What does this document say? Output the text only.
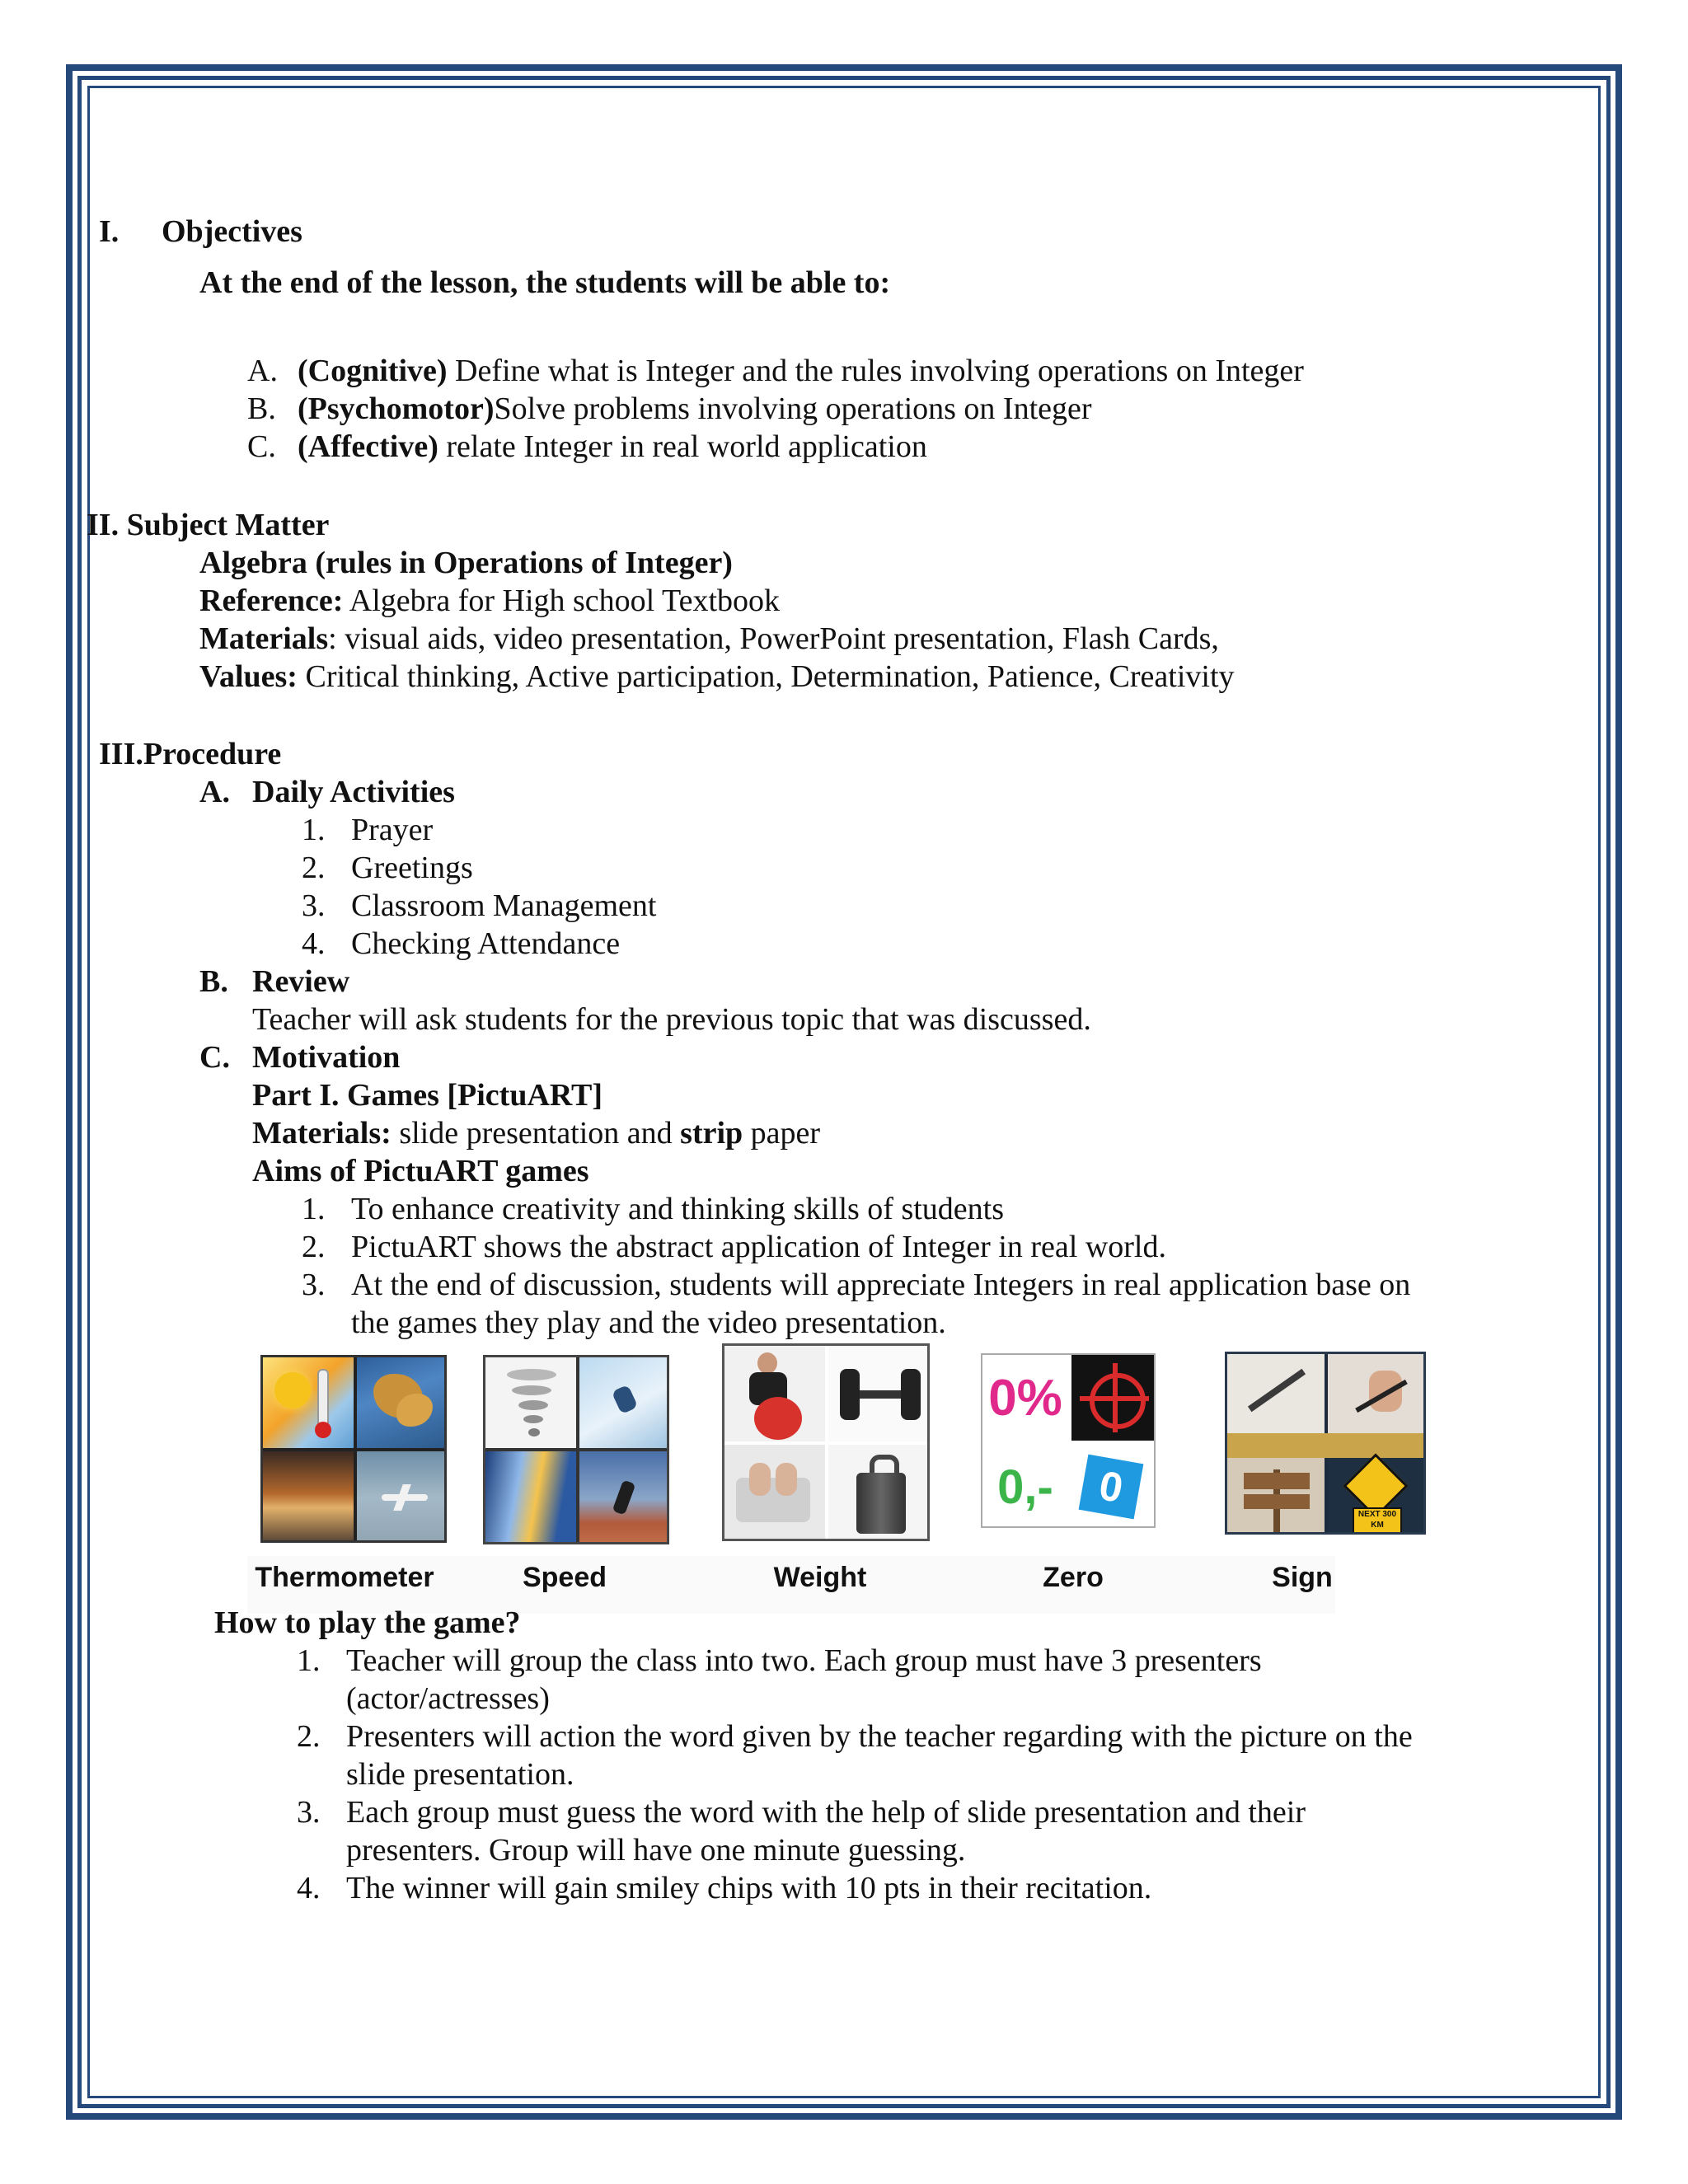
I. Objectives
At the end of the lesson, the students will be able to:
A. (Cognitive) Define what is Integer and the rules involving operations on Integer
B. (Psychomotor)Solve problems involving operations on Integer
C. (Affective) relate Integer in real world application
II. Subject Matter
Algebra (rules in Operations of Integer)
Reference: Algebra for High school Textbook
Materials: visual aids, video presentation, PowerPoint presentation, Flash Cards,
Values: Critical thinking, Active participation, Determination, Patience, Creativity
III.Procedure
A. Daily Activities
1. Prayer
2. Greetings
3. Classroom Management
4. Checking Attendance
B. Review
Teacher will ask students for the previous topic that was discussed.
C. Motivation
Part I. Games [PictuART]
Materials: slide presentation and strip paper
Aims of PictuART games
1. To enhance creativity and thinking skills of students
2. PictuART shows the abstract application of Integer in real world.
3. At the end of discussion, students will appreciate Integers in real application base on
the games they play and the video presentation.
0%
0,- 0
NEXT 300 KM
Thermometer	Speed	Weight	Zero	Sign
How to play the game?
1. Teacher will group the class into two. Each group must have 3 presenters
(actor/actresses)
2. Presenters will action the word given by the teacher regarding with the picture on the
slide presentation.
3. Each group must guess the word with the help of slide presentation and their
presenters. Group will have one minute guessing.
4. The winner will gain smiley chips with 10 pts in their recitation.
